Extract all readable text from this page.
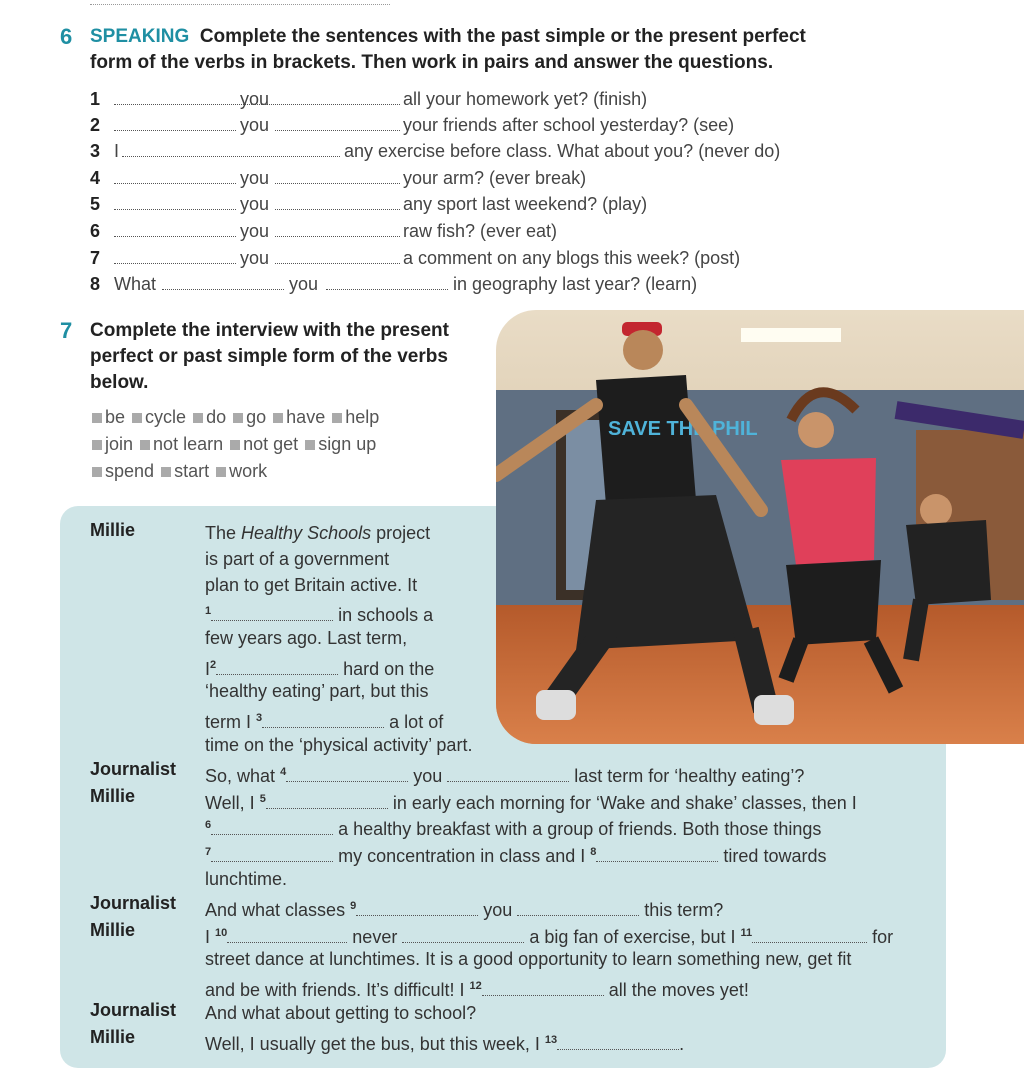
6 SPEAKING Complete the sentences with the past simple or the present perfect
form of the verbs in brackets. Then work in pairs and answer the questions.
1	you	all your homework yet? (finish)
2	you	your friends after school yesterday? (see)
3 I	any exercise before class. What about you? (never do)
4	you	your arm? (ever break)
5	you	any sport last weekend? (play)
6	you	raw fish? (ever eat)
7	you	a comment on any blogs this week? (post)
8 What	you	in geography last year? (learn)
7 Complete the interview with the present
perfect or past simple form of the verbs
below.
be cycle do go have help
join not learn not get sign up
spend start work
SAVE THE PHIL
Millie	The Healthy Schools project
is part of a government
plan to get Britain active. It
$^1$	in schools a
few years ago. Last term,
$I^2$	hard on the
‘healthy eating’ part, but this
term I $^3$	a lot of
time on the ‘physical activity’ part.
Journalist So, what $^4$	you	last term for ‘healthy eating’?
Millie	Well, I $^5$	in early each morning for ‘Wake and shake’ classes, then I
$^6$	a healthy breakfast with a group of friends. Both those things
$^7$	my concentration in class and I $^8$	tired towards
lunchtime.
Journalist And what classes $^9$	you	this term?
Millie	I $^{10}$	never	a big fan of exercise, but I $^{11}$	for
street dance at lunchtimes. It is a good opportunity to learn something new, get fit
and be with friends. It’s difficult! I $^{12}$	all the moves yet!
Journalist And what about getting to school?
Millie	Well, I usually get the bus, but this week, I $^{13}$	.
